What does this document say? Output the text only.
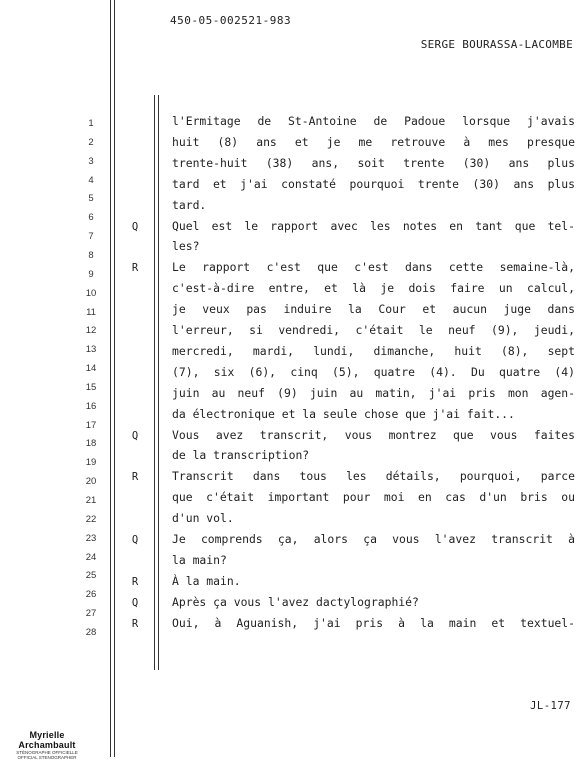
450-05-002521-983
SERGE BOURASSA-LACOMBE
1
2
3
4
5
6
7
8
9
10
11
12
13
14
15
16
17
18
19
20
21
22
23
24
25
26
27
28
l'Ermitage de St-Antoine de Padoue lorsque j'avais
huit (8) ans et je me retrouve à mes presque
trente-huit (38) ans, soit trente (30) ans plus
tard et j'ai constaté pourquoi trente (30) ans plus
tard.
Q	Quel est le rapport avec les notes en tant que tel-
les?
R	Le rapport c'est que c'est dans cette semaine-là,
c'est-à-dire entre, et là je dois faire un calcul,
je veux pas induire la Cour et aucun juge dans
l'erreur, si vendredi, c'était le neuf (9), jeudi,
mercredi, mardi, lundi, dimanche, huit (8), sept
(7), six (6), cinq (5), quatre (4). Du quatre (4)
juin au neuf (9) juin au matin, j'ai pris mon agen-
da électronique et la seule chose que j'ai fait...
Q	Vous avez transcrit, vous montrez que vous faites
de la transcription?
R	Transcrit dans tous les détails, pourquoi, parce
que c'était important pour moi en cas d'un bris ou
d'un vol.
Q	Je comprends ça, alors ça vous l'avez transcrit à
la main?
R	À la main.
Q	Après ça vous l'avez dactylographié?
R	Oui, à Aguanish, j'ai pris à la main et textuel-
JL-177
Myrielle Archambault
STÉNOGRAPHE OFFICIELLE
OFFICIAL STENOGRAPHER
